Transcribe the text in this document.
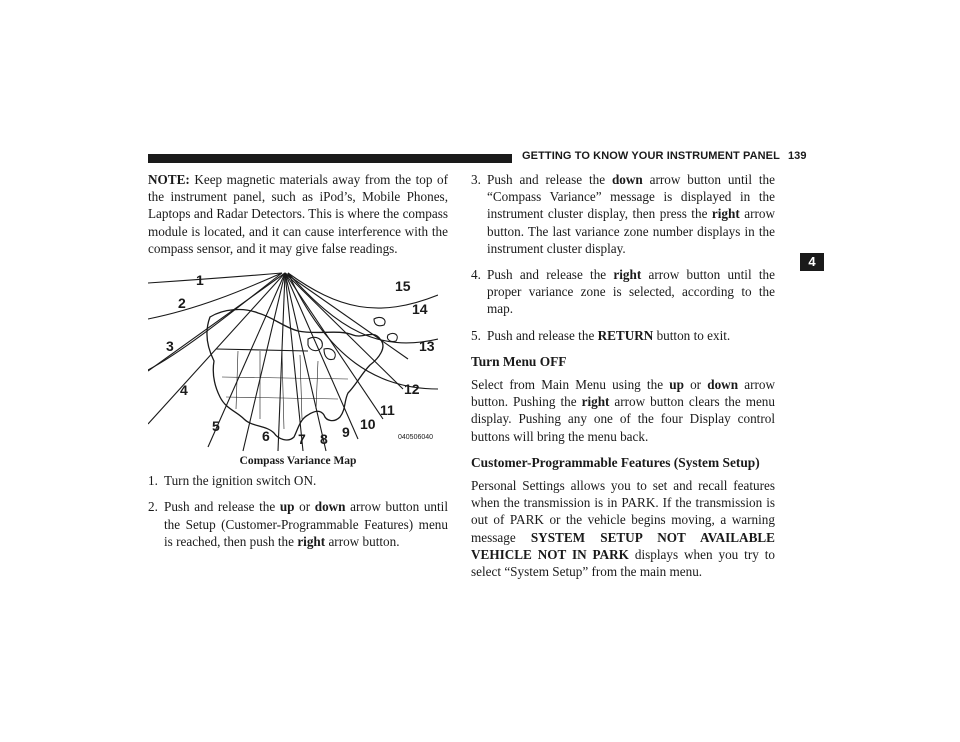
GETTING TO KNOW YOUR INSTRUMENT PANEL 139
4

NOTE: Keep magnetic materials away from the top of the instrument panel, such as iPod’s, Mobile Phones, Laptops and Radar Detectors. This is where the compass module is located, and it can cause interference with the compass sensor, and it may give false readings.

1
2
3
4
5
6 7 8 9 10
11
12
13
14
15
040506040
Compass Variance Map
1. Turn the ignition switch ON.
2. Push and release the up or down arrow button until the Setup (Customer-Programmable Features) menu is reached, then push the right arrow button.
3. Push and release the down arrow button until the “Compass Variance” message is displayed in the instrument cluster display, then press the right arrow button. The last variance zone number displays in the instrument cluster display.
4. Push and release the right arrow button until the proper variance zone is selected, according to the map.
5. Push and release the RETURN button to exit.
Turn Menu OFF

Select from Main Menu using the up or down arrow button. Pushing the right arrow button clears the menu display. Pushing any one of the four Display control buttons will bring the menu back.

Customer-Programmable Features (System Setup)

Personal Settings allows you to set and recall features when the transmission is in PARK. If the transmission is out of PARK or the vehicle begins moving, a warning message SYSTEM SETUP NOT AVAILABLE VEHICLE NOT IN PARK displays when you try to select “System Setup” from the main menu.
